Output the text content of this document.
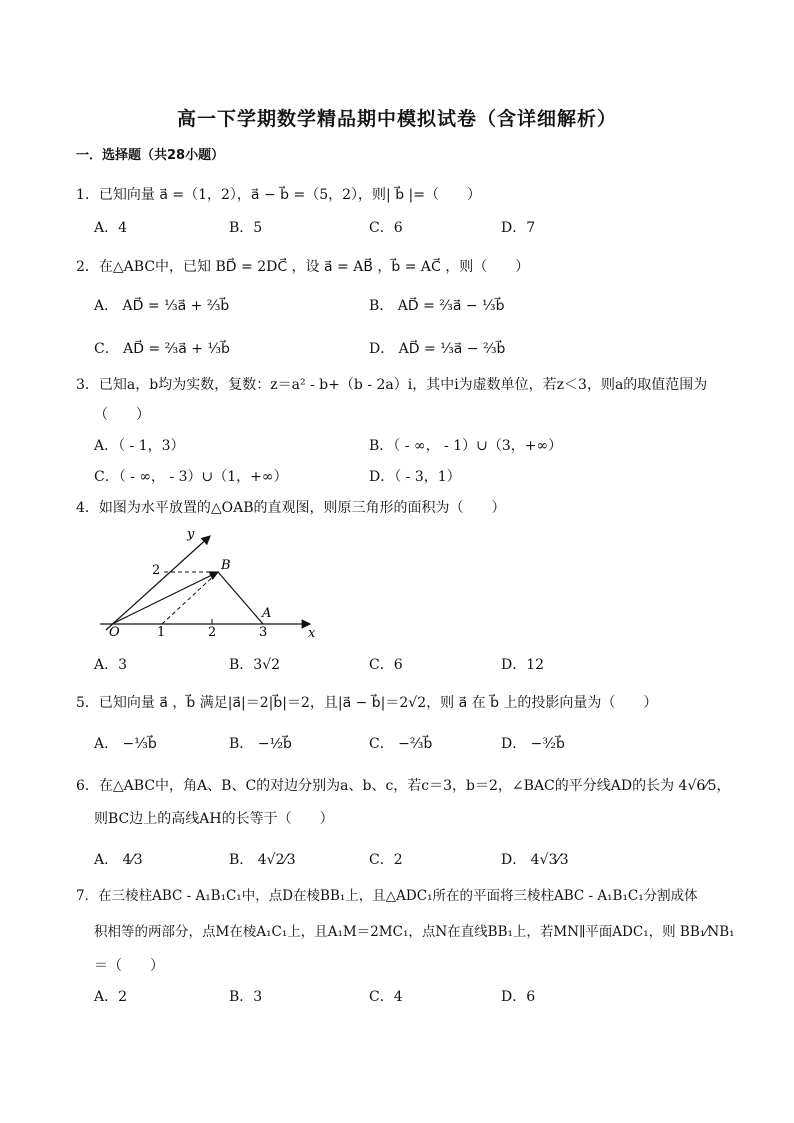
高一下学期数学精品期中模拟试卷（含详细解析）
一．选择题（共28小题）
1．已知向量 a⃗ =（1，2），a⃗ − b⃗ =（5，2），则| b⃗ |=（　　）
A．4	B．5	C．6	D．7
2．在△ABC中，已知 BD⃗ = 2DC⃗ ，设 a⃗ = AB⃗ ，b⃗ = AC⃗ ，则（　　）
A． AD⃗ = ⅓a⃗ + ⅔b⃗	B． AD⃗ = ⅔a⃗ − ⅓b⃗
C． AD⃗ = ⅔a⃗ + ⅓b⃗	D． AD⃗ = ⅓a⃗ − ⅔b⃗
3．已知a，b均为实数，复数：z＝a² - b+（b - 2a）i，其中i为虚数单位，若z＜3，则a的取值范围为
（　　）
A．（ - 1，3）	B．（ - ∞， - 1）∪（3，+∞）
C．（ - ∞， - 3）∪（1，+∞）	D．（ - 3，1）
4．如图为水平放置的△OAB的直观图，则原三角形的面积为（　　）
y
x
O
B
A
1	2	3
2
A．3	B．3√2	C．6	D．12
5．已知向量 a⃗ ，b⃗ 满足|a⃗|＝2|b⃗|＝2，且|a⃗ − b⃗|＝2√2，则 a⃗ 在 b⃗ 上的投影向量为（　　）
A． −⅓b⃗	B． −½b⃗	C． −⅔b⃗	D． −³⁄₂b⃗
6．在△ABC中，角A、B、C的对边分别为a、b、c，若c＝3，b＝2，∠BAC的平分线AD的长为 4√6⁄5，
则BC边上的高线AH的长等于（　　）
A． 4⁄3	B． 4√2⁄3	C．2	D． 4√3⁄3
7．在三棱柱ABC - A₁B₁C₁中，点D在棱BB₁上，且△ADC₁所在的平面将三棱柱ABC - A₁B₁C₁分割成体
积相等的两部分，点M在棱A₁C₁上，且A₁M＝2MC₁，点N在直线BB₁上，若MN∥平面ADC₁，则 BB₁⁄NB₁
＝（　　）
A．2	B．3	C．4	D．6
